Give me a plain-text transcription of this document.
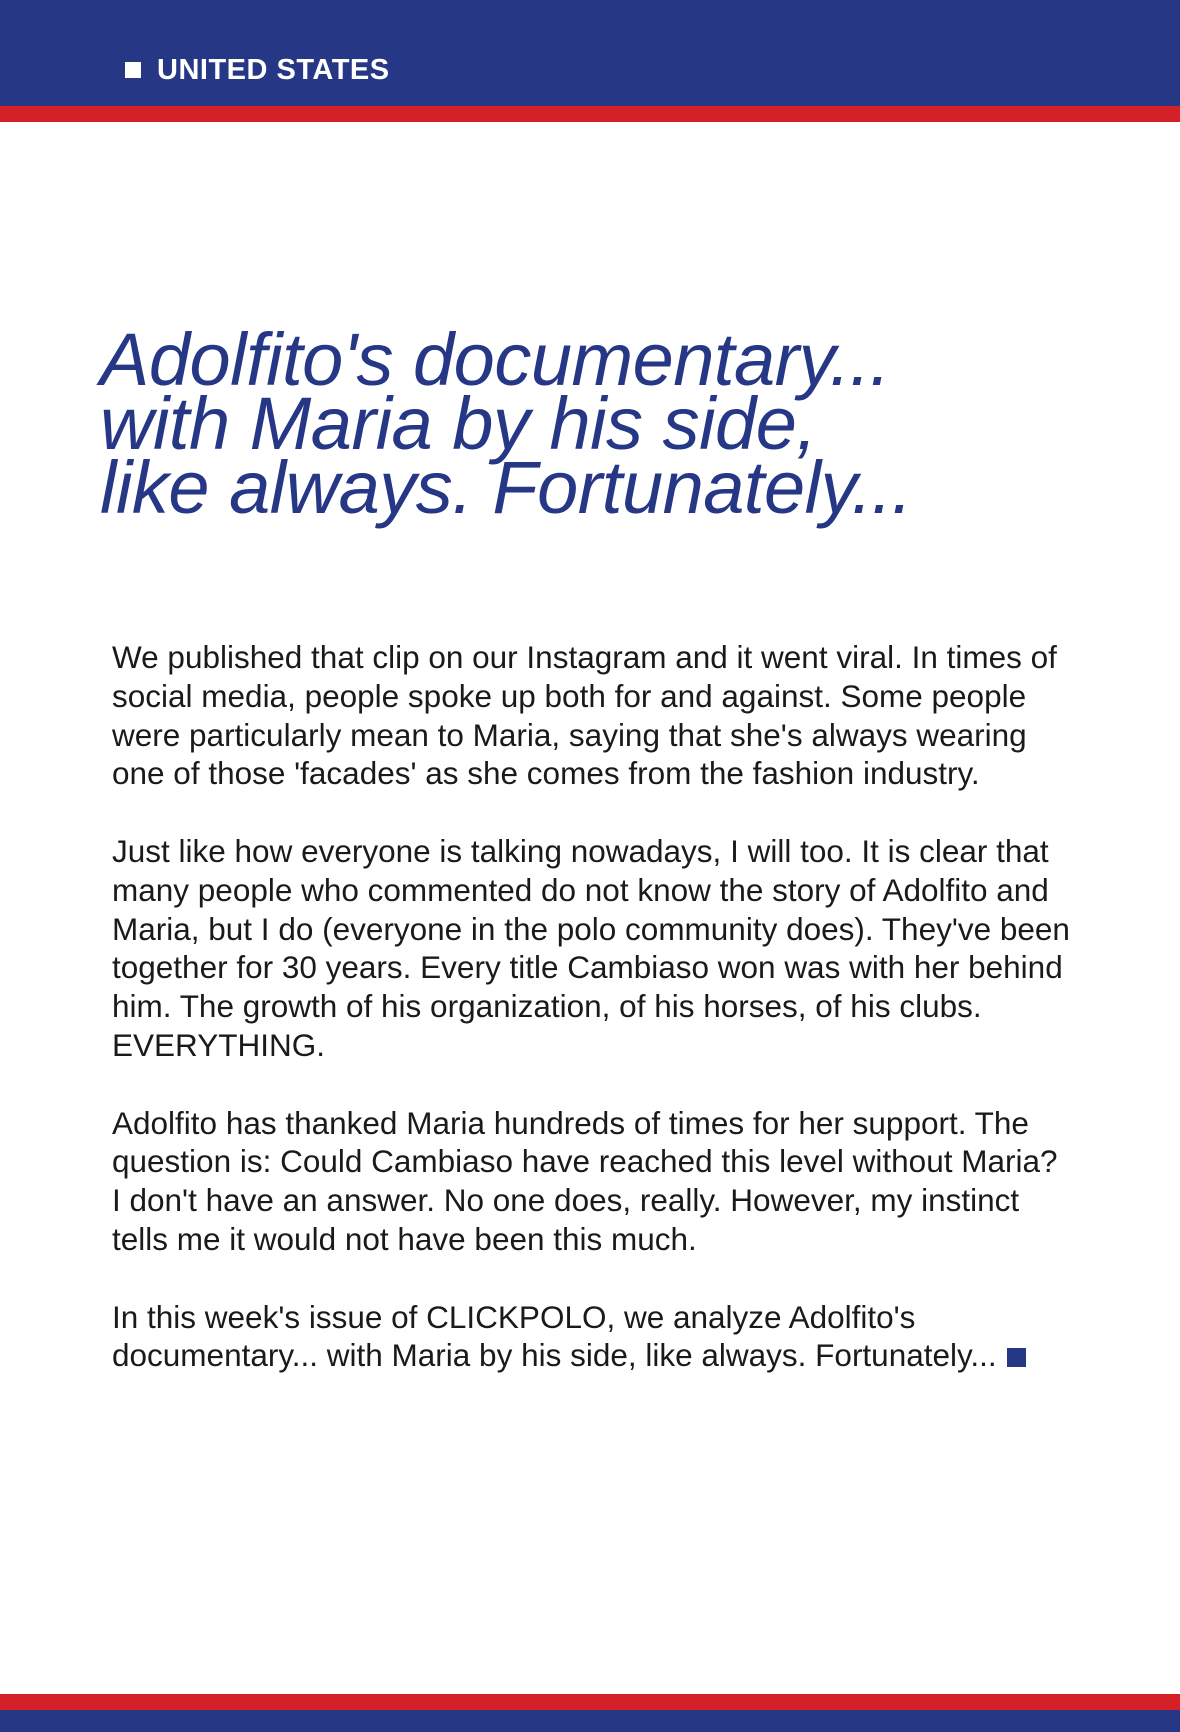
UNITED STATES
Adolfito's documentary...
with Maria by his side,
like always. Fortunately...

We published that clip on our Instagram and it went viral. In times of social media, people spoke up both for and against. Some people were particularly mean to Maria, saying that she's always wearing one of those 'facades' as she comes from the fashion industry.

Just like how everyone is talking nowadays, I will too. It is clear that many people who commented do not know the story of Adolfito and Maria, but I do (everyone in the polo community does). They've been together for 30 years. Every title Cambiaso won was with her behind him. The growth of his organization, of his horses, of his clubs. EVERYTHING.

Adolfito has thanked Maria hundreds of times for her support. The question is: Could Cambiaso have reached this level without Maria? I don't have an answer. No one does, really. However, my instinct tells me it would not have been this much.

In this week's issue of CLICKPOLO, we analyze Adolfito's documentary... with Maria by his side, like always. Fortunately...
